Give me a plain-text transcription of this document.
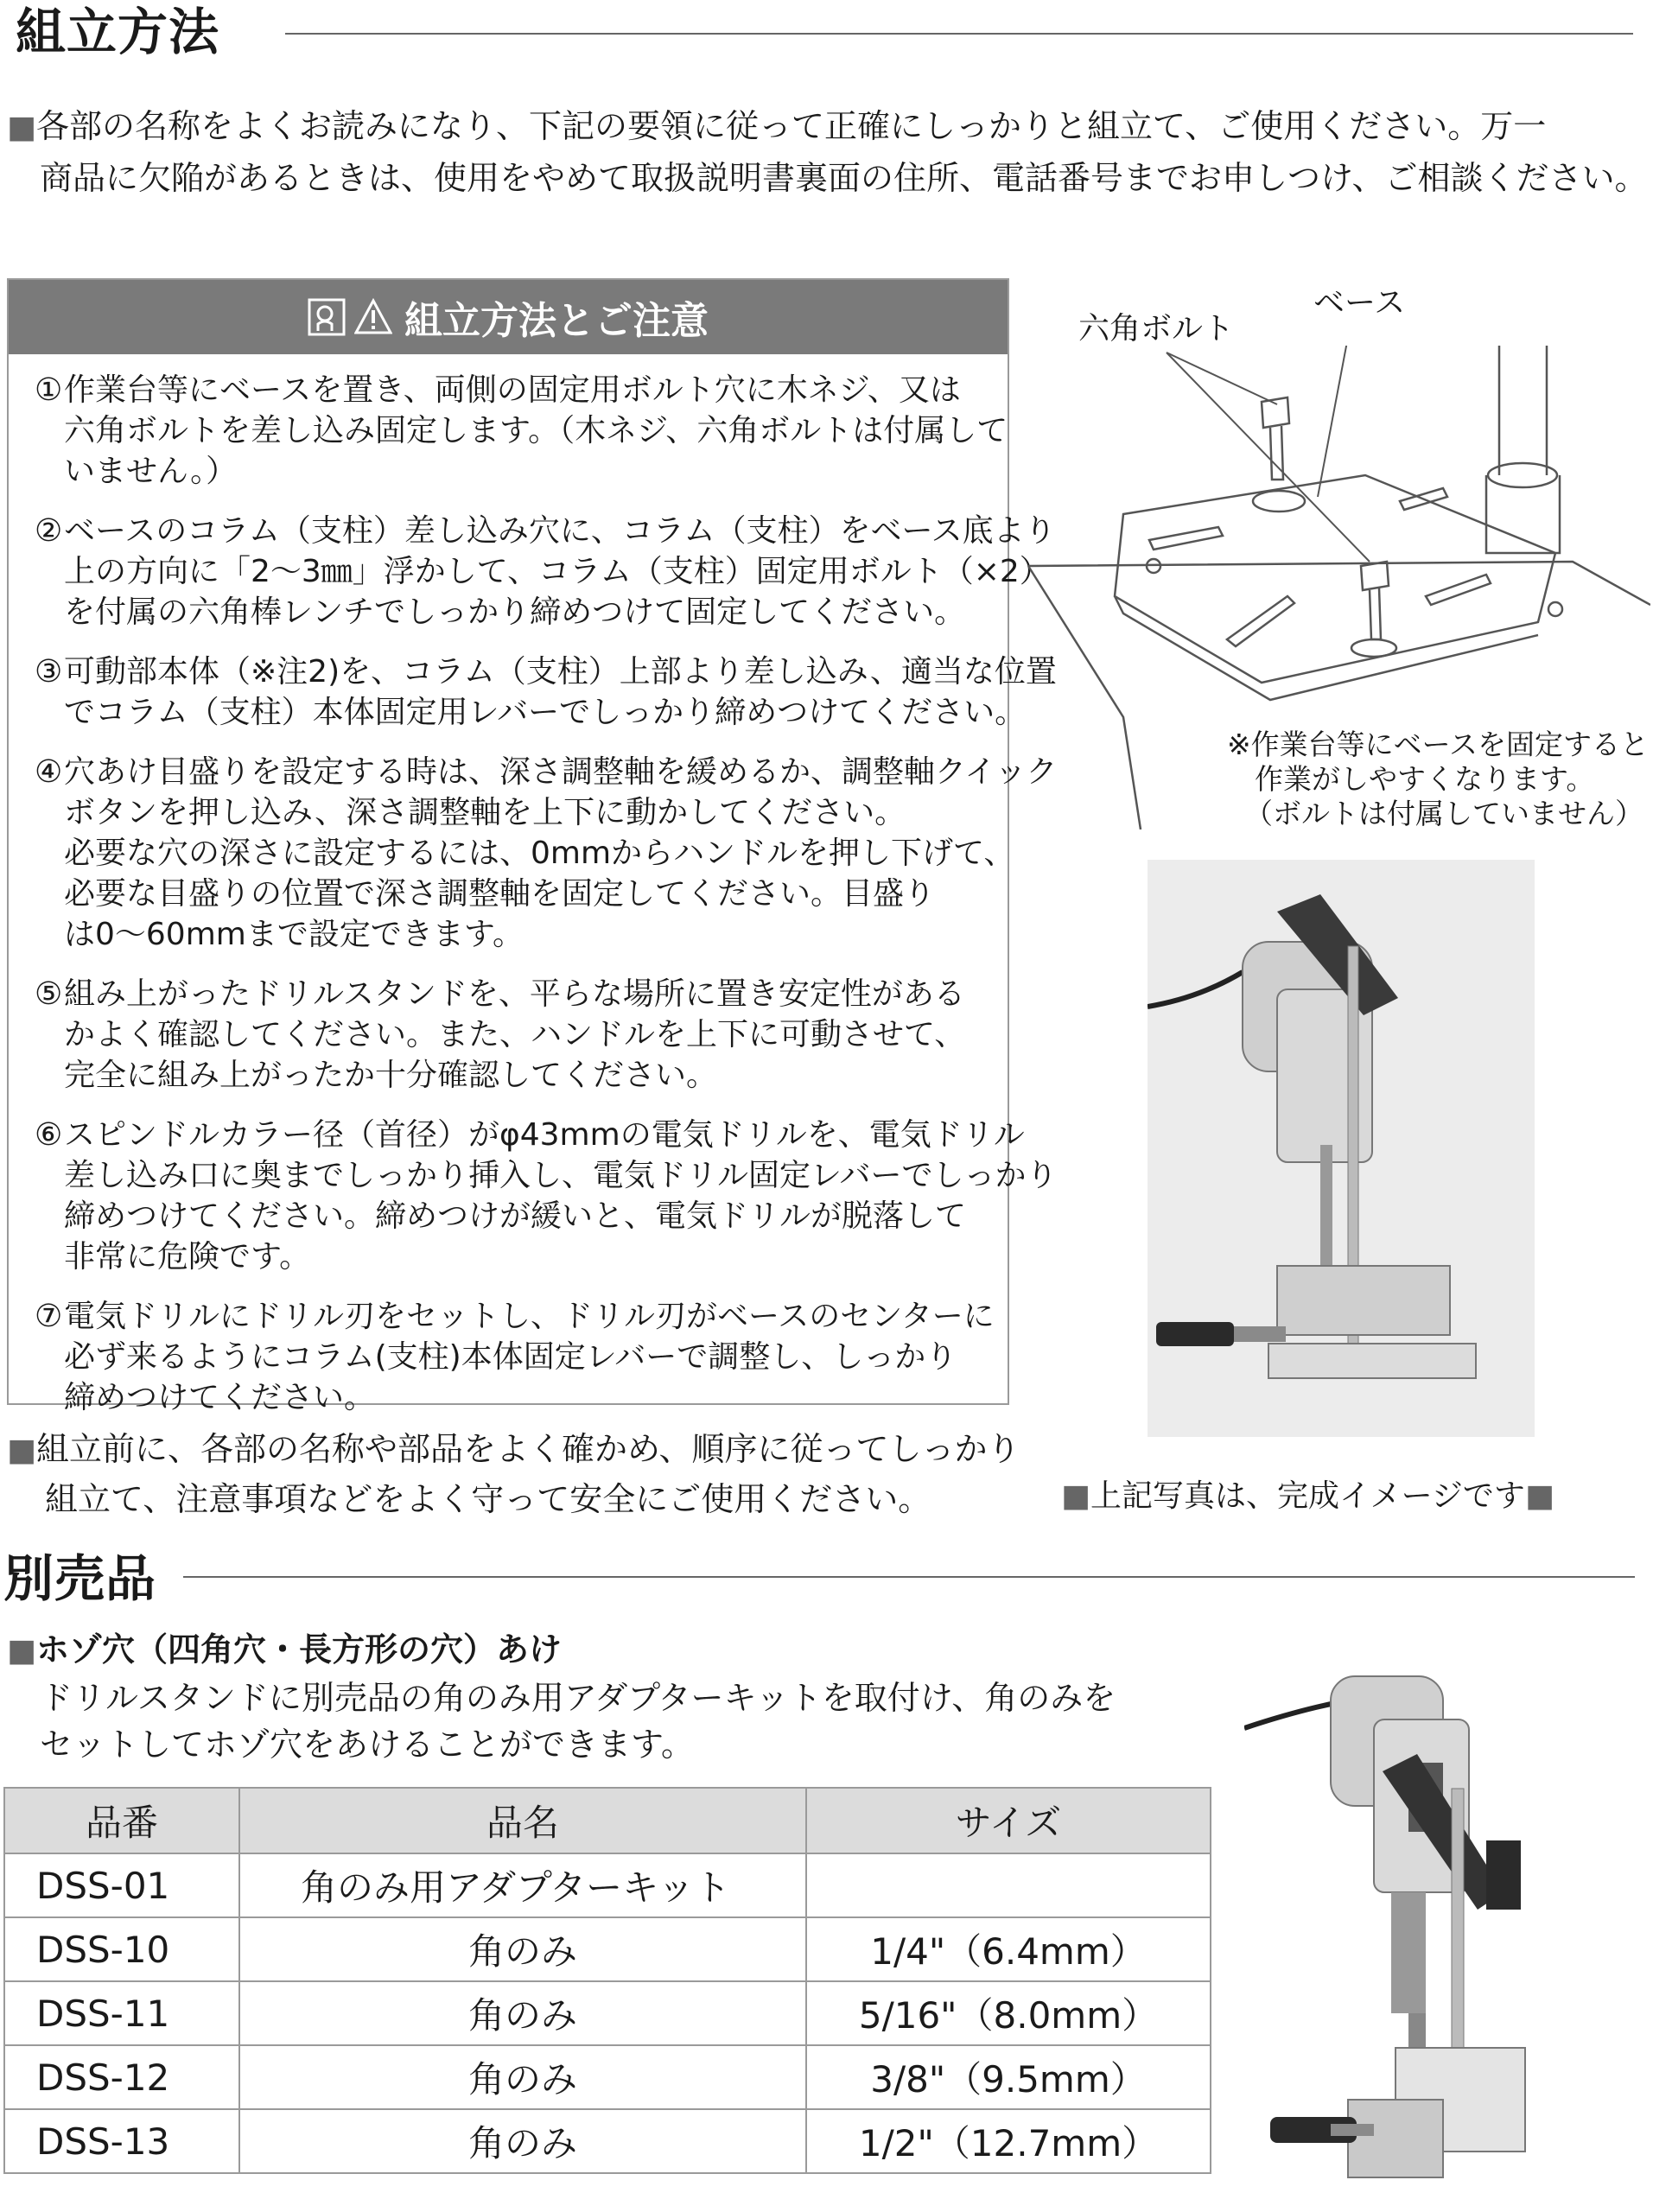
組立方法
■各部の名称をよくお読みになり、下記の要領に従って正確にしっかりと組立て、ご使用ください。万一
商品に欠陥があるときは、使用をやめて取扱説明書裏面の住所、電話番号までお申しつけ、ご相談ください。
組立方法とご注意
① 作業台等にベースを置き、両側の固定用ボルト穴に木ネジ、又は
六角ボルトを差し込み固定します。（木ネジ、六角ボルトは付属して
いません。）
② ベースのコラム（支柱）差し込み穴に、コラム（支柱）をベース底より
上の方向に「2～3㎜」浮かして、コラム（支柱）固定用ボルト（×2）
を付属の六角棒レンチでしっかり締めつけて固定してください。
③ 可動部本体（※注2)を、コラム（支柱）上部より差し込み、適当な位置
でコラム（支柱）本体固定用レバーでしっかり締めつけてください。
④ 穴あけ目盛りを設定する時は、深さ調整軸を緩めるか、調整軸クイック
ボタンを押し込み、深さ調整軸を上下に動かしてください。
必要な穴の深さに設定するには、0mmからハンドルを押し下げて、
必要な目盛りの位置で深さ調整軸を固定してください。目盛り
は0～60mmまで設定できます。
⑤ 組み上がったドリルスタンドを、平らな場所に置き安定性がある
かよく確認してください。また、ハンドルを上下に可動させて、
完全に組み上がったか十分確認してください。
⑥ スピンドルカラー径（首径）がφ43mmの電気ドリルを、電気ドリル
差し込み口に奥までしっかり挿入し、電気ドリル固定レバーでしっかり
締めつけてください。締めつけが緩いと、電気ドリルが脱落して
非常に危険です。
⑦ 電気ドリルにドリル刃をセットし、ドリル刃がベースのセンターに
必ず来るようにコラム(支柱)本体固定レバーで調整し、しっかり
締めつけてください。
六角ボルト
ベース
※作業台等にベースを固定すると
作業がしやすくなります。
（ボルトは付属していません）
■組立前に、各部の名称や部品をよく確かめ、順序に従ってしっかり
組立て、注意事項などをよく守って安全にご使用ください。	■上記写真は、完成イメージです■
別売品
■ホゾ穴（四角穴・長方形の穴）あけ
ドリルスタンドに別売品の角のみ用アダプターキットを取付け、角のみを
セットしてホゾ穴をあけることができます。
品番	品名	サイズ
DSS-01	角のみ用アダプターキット	
DSS-10	角のみ	1/4"（6.4mm）
DSS-11	角のみ	5/16"（8.0mm）
DSS-12	角のみ	3/8"（9.5mm）
DSS-13	角のみ	1/2"（12.7mm）
